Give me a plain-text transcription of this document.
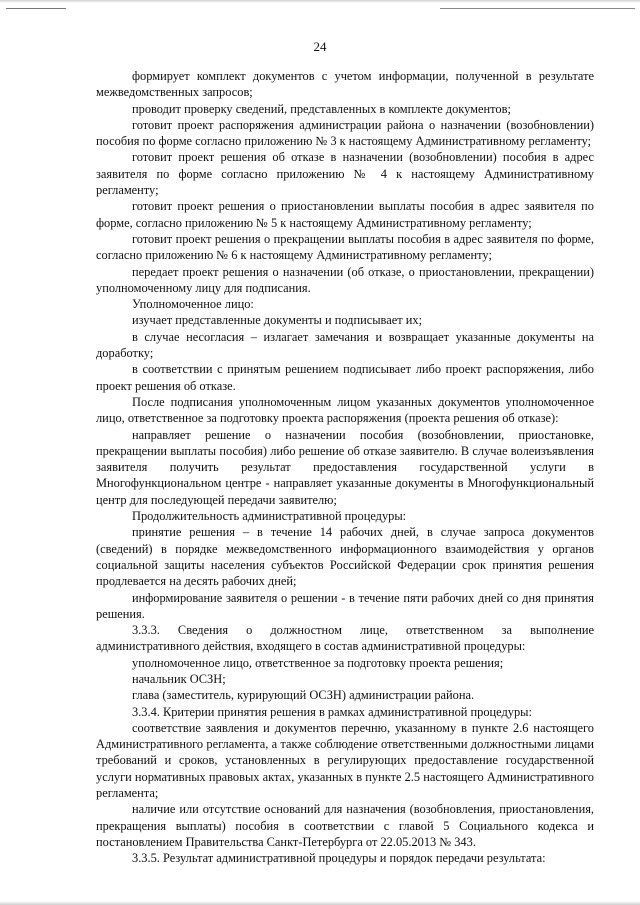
24

формирует комплект документов с учетом информации, полученной в результате межведомственных запросов;

проводит проверку сведений, представленных в комплекте документов;

готовит проект распоряжения администрации района о назначении (возобновлении) пособия по форме согласно приложению № 3 к настоящему Административному регламенту;

готовит проект решения об отказе в назначении (возобновлении) пособия в адрес заявителя по форме согласно приложению № 4 к настоящему Административному регламенту;

готовит проект решения о приостановлении выплаты пособия в адрес заявителя по форме, согласно приложению № 5 к настоящему Административному регламенту;

готовит проект решения о прекращении выплаты пособия в адрес заявителя по форме, согласно приложению № 6 к настоящему Административному регламенту;

передает проект решения о назначении (об отказе, о приостановлении, прекращении) уполномоченному лицу для подписания.

Уполномоченное лицо:

изучает представленные документы и подписывает их;

в случае несогласия – излагает замечания и возвращает указанные документы на доработку;

в соответствии с принятым решением подписывает либо проект распоряжения, либо проект решения об отказе.

После подписания уполномоченным лицом указанных документов уполномоченное лицо, ответственное за подготовку проекта распоряжения (проекта решения об отказе):

направляет решение о назначении пособия (возобновлении, приостановке, прекращении выплаты пособия) либо решение об отказе заявителю. В случае волеизъявления заявителя получить результат предоставления государственной услуги в Многофункциональном центре - направляет указанные документы в Многофункциональный центр для последующей передачи заявителю;

Продолжительность административной процедуры:

принятие решения – в течение 14 рабочих дней, в случае запроса документов (сведений) в порядке межведомственного информационного взаимодействия у органов социальной защиты населения субъектов Российской Федерации срок принятия решения продлевается на десять рабочих дней;

информирование заявителя о решении - в течение пяти рабочих дней со дня принятия решения.

3.3.3. Сведения о должностном лице, ответственном за выполнение административного действия, входящего в состав административной процедуры:

уполномоченное лицо, ответственное за подготовку проекта решения;

начальник ОСЗН;

глава (заместитель, курирующий ОСЗН) администрации района.

3.3.4. Критерии принятия решения в рамках административной процедуры:

соответствие заявления и документов перечню, указанному в пункте 2.6 настоящего Административного регламента, а также соблюдение ответственными должностными лицами требований и сроков, установленных в регулирующих предоставление государственной услуги нормативных правовых актах, указанных в пункте 2.5 настоящего Административного регламента;

наличие или отсутствие оснований для назначения (возобновления, приостановления, прекращения выплаты) пособия в соответствии с главой 5 Социального кодекса и постановлением Правительства Санкт-Петербурга от 22.05.2013 № 343.

3.3.5. Результат административной процедуры и порядок передачи результата:
